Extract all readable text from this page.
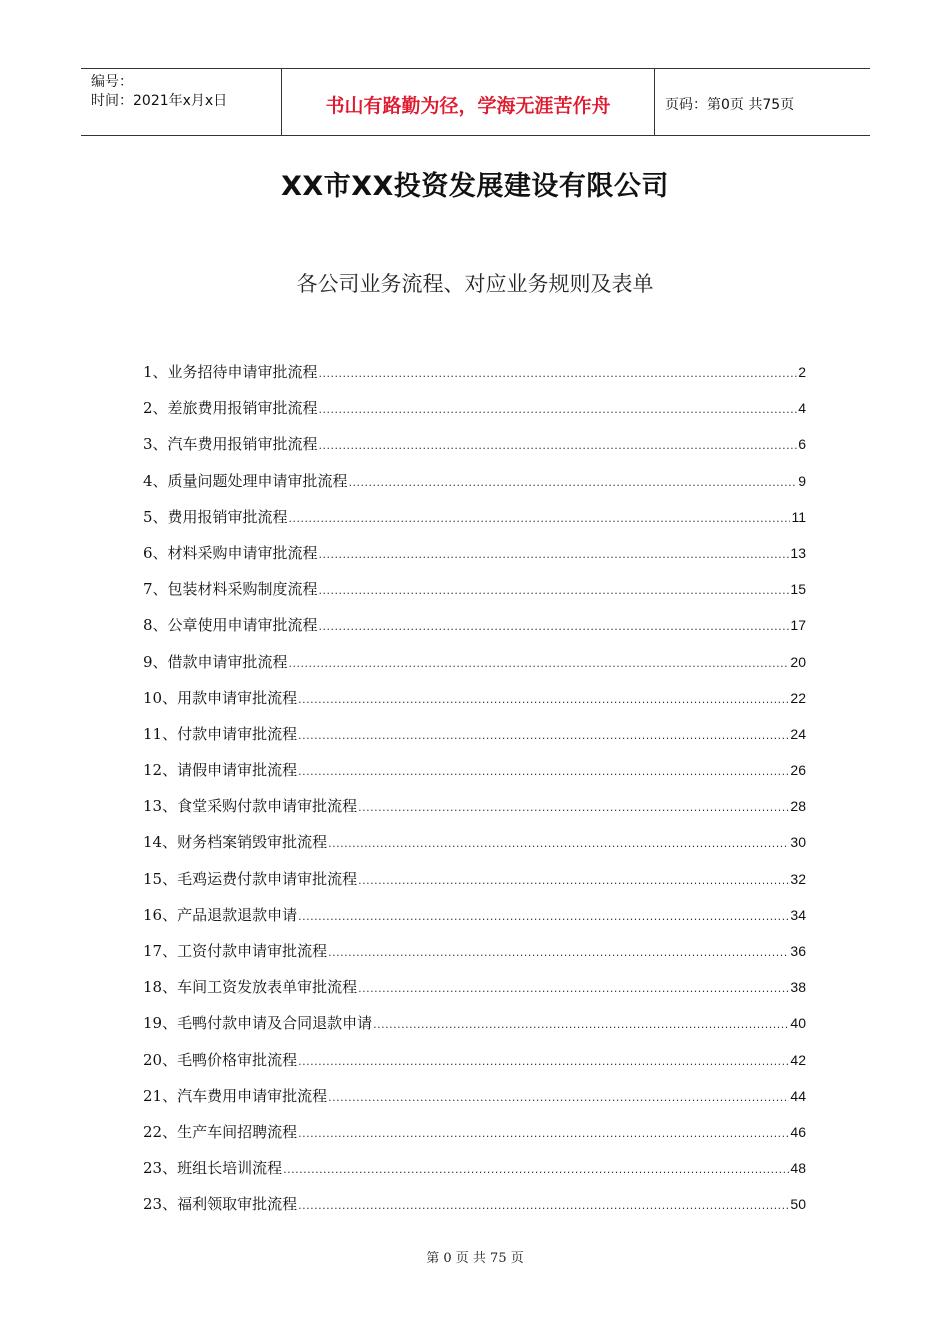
编号：
时间：2021年x月x日	书山有路勤为径，学海无涯苦作舟	页码：第0页 共75页
XX市XX投资发展建设有限公司
各公司业务流程、对应业务规则及表单
1、业务招待申请审批流程 .....	2
2、差旅费用报销审批流程 .....	4
3、汽车费用报销审批流程 .....	6
4、质量问题处理申请审批流程 .....	9
5、费用报销审批流程 .....	11
6、材料采购申请审批流程 .....	13
7、包装材料采购制度流程 .....	15
8、公章使用申请审批流程 .....	17
9、借款申请审批流程 .....	20
10、用款申请审批流程 .....	22
11、付款申请审批流程 .....	24
12、请假申请审批流程 .....	26
13、食堂采购付款申请审批流程 .....	28
14、财务档案销毁审批流程 .....	30
15、毛鸡运费付款申请审批流程 .....	32
16、产品退款退款申请 .....	34
17、工资付款申请审批流程 .....	36
18、车间工资发放表单审批流程 .....	38
19、毛鸭付款申请及合同退款申请 .....	40
20、毛鸭价格审批流程 .....	42
21、汽车费用申请审批流程 .....	44
22、生产车间招聘流程 .....	46
23、班组长培训流程 .....	48
23、福利领取审批流程 .....	50
第 0 页 共 75 页
